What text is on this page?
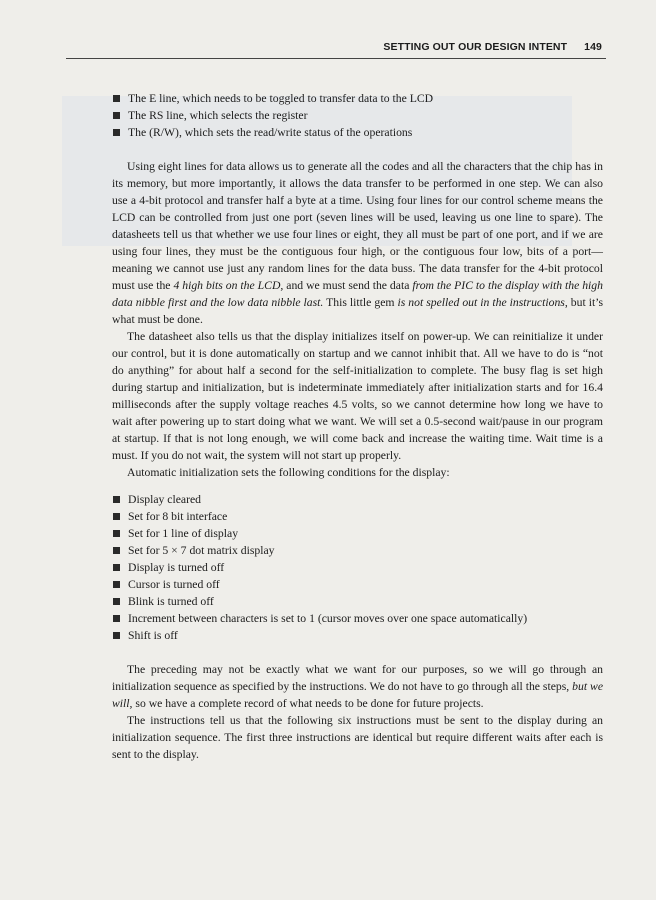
SETTING OUT OUR DESIGN INTENT 149
The E line, which needs to be toggled to transfer data to the LCD
The RS line, which selects the register
The (R/W), which sets the read/write status of the operations

Using eight lines for data allows us to generate all the codes and all the characters that the chip has in its memory, but more importantly, it allows the data transfer to be performed in one step. We can also use a 4-bit protocol and transfer half a byte at a time. Using four lines for our control scheme means the LCD can be controlled from just one port (seven lines will be used, leaving us one line to spare). The datasheets tell us that whether we use four lines or eight, they all must be part of one port, and if we are using four lines, they must be the contiguous four high, or the contiguous four low, bits of a port—meaning we cannot use just any random lines for the data buss. The data transfer for the 4-bit protocol must use the 4 high bits on the LCD, and we must send the data from the PIC to the display with the high data nibble first and the low data nibble last. This little gem is not spelled out in the instructions, but it’s what must be done.

The datasheet also tells us that the display initializes itself on power-up. We can reinitialize it under our control, but it is done automatically on startup and we cannot inhibit that. All we have to do is “not do anything” for about half a second for the self-initialization to complete. The busy flag is set high during startup and initialization, but is indeterminate immediately after initialization starts and for 16.4 milliseconds after the supply voltage reaches 4.5 volts, so we cannot determine how long we have to wait after powering up to start doing what we want. We will set a 0.5-second wait/pause in our program at startup. If that is not long enough, we will come back and increase the waiting time. Wait time is a must. If you do not wait, the system will not start up properly.

Automatic initialization sets the following conditions for the display:

Display cleared
Set for 8 bit interface
Set for 1 line of display
Set for 5 × 7 dot matrix display
Display is turned off
Cursor is turned off
Blink is turned off
Increment between characters is set to 1 (cursor moves over one space automatically)
Shift is off

The preceding may not be exactly what we want for our purposes, so we will go through an initialization sequence as specified by the instructions. We do not have to go through all the steps, but we will, so we have a complete record of what needs to be done for future projects.

The instructions tell us that the following six instructions must be sent to the display during an initialization sequence. The first three instructions are identical but require different waits after each is sent to the display.
